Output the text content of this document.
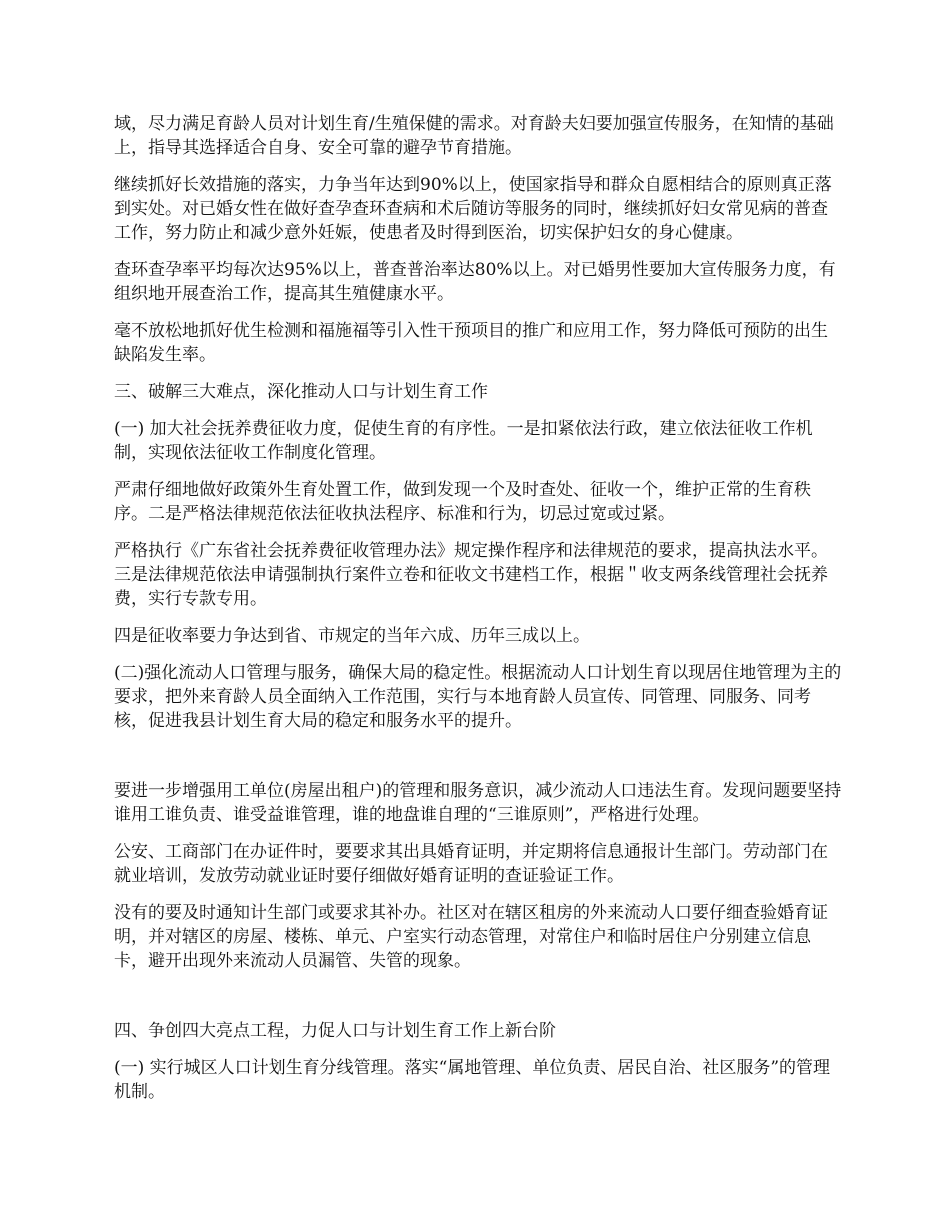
域，尽力满足育龄人员对计划生育/生殖保健的需求。对育龄夫妇要加强宣传服务，在知情的基础上，指导其选择适合自身、安全可靠的避孕节育措施。

继续抓好长效措施的落实，力争当年达到90%以上，使国家指导和群众自愿相结合的原则真正落到实处。对已婚女性在做好查孕查环查病和术后随访等服务的同时，继续抓好妇女常见病的普查工作，努力防止和减少意外妊娠，使患者及时得到医治，切实保护妇女的身心健康。

查环查孕率平均每次达95%以上，普查普治率达80%以上。对已婚男性要加大宣传服务力度，有组织地开展查治工作，提高其生殖健康水平。

毫不放松地抓好优生检测和福施福等引入性干预项目的推广和应用工作，努力降低可预防的出生缺陷发生率。

三、破解三大难点，深化推动人口与计划生育工作

(一) 加大社会抚养费征收力度，促使生育的有序性。一是扣紧依法行政，建立依法征收工作机制，实现依法征收工作制度化管理。

严肃仔细地做好政策外生育处置工作，做到发现一个及时查处、征收一个，维护正常的生育秩序。二是严格法律规范依法征收执法程序、标准和行为，切忌过宽或过紧。

严格执行《广东省社会抚养费征收管理办法》规定操作程序和法律规范的要求，提高执法水平。三是法律规范依法申请强制执行案件立卷和征收文书建档工作，根据＂收支两条线管理社会抚养费，实行专款专用。

四是征收率要力争达到省、市规定的当年六成、历年三成以上。

(二)强化流动人口管理与服务，确保大局的稳定性。根据流动人口计划生育以现居住地管理为主的要求，把外来育龄人员全面纳入工作范围，实行与本地育龄人员宣传、同管理、同服务、同考核，促进我县计划生育大局的稳定和服务水平的提升。

要进一步增强用工单位(房屋出租户)的管理和服务意识，减少流动人口违法生育。发现问题要坚持谁用工谁负责、谁受益谁管理，谁的地盘谁自理的“三谁原则”，严格进行处理。

公安、工商部门在办证件时，要要求其出具婚育证明，并定期将信息通报计生部门。劳动部门在就业培训，发放劳动就业证时要仔细做好婚育证明的查证验证工作。

没有的要及时通知计生部门或要求其补办。社区对在辖区租房的外来流动人口要仔细查验婚育证明，并对辖区的房屋、楼栋、单元、户室实行动态管理，对常住户和临时居住户分别建立信息卡，避开出现外来流动人员漏管、失管的现象。

四、争创四大亮点工程，力促人口与计划生育工作上新台阶

(一) 实行城区人口计划生育分线管理。落实“属地管理、单位负责、居民自治、社区服务”的管理机制。
